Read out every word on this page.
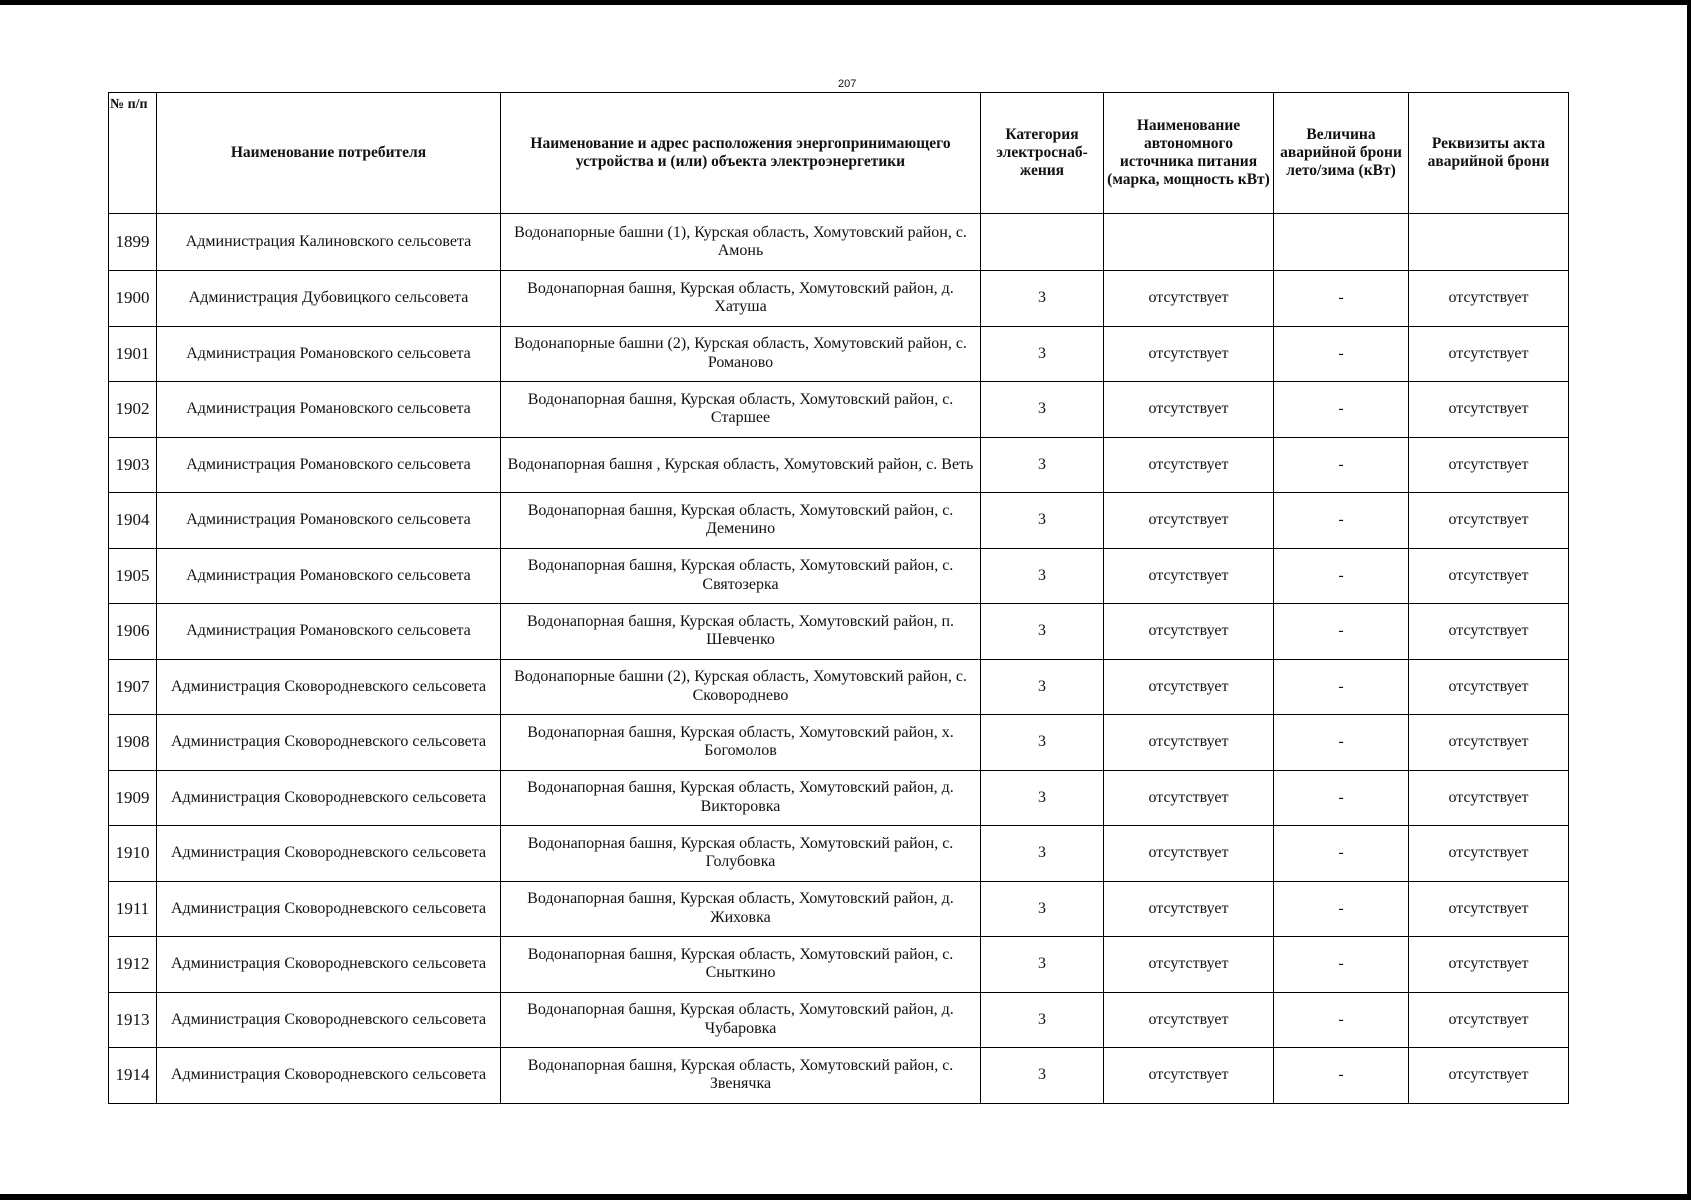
207
№ п/п	Наименование потребителя	Наименование и адрес расположения энергопринимающего устройства и (или) объекта электроэнергетики	Категория электроснаб-жения	Наименование автономного источника питания (марка, мощность кВт)	Величина аварийной брони лето/зима (кВт)	Реквизиты акта аварийной брони
1899	Администрация Калиновского сельсовета	Водонапорные башни (1), Курская область, Хомутовский район, с. Амонь				
1900	Администрация Дубовицкого сельсовета	Водонапорная башня, Курская область, Хомутовский район, д. Хатуша	3	отсутствует	-	отсутствует
1901	Администрация Романовского сельсовета	Водонапорные башни (2), Курская область, Хомутовский район, с. Романово	3	отсутствует	-	отсутствует
1902	Администрация Романовского сельсовета	Водонапорная башня, Курская область, Хомутовский район, с. Старшее	3	отсутствует	-	отсутствует
1903	Администрация Романовского сельсовета	Водонапорная башня , Курская область, Хомутовский район, с. Веть	3	отсутствует	-	отсутствует
1904	Администрация Романовского сельсовета	Водонапорная башня, Курская область, Хомутовский район, с. Деменино	3	отсутствует	-	отсутствует
1905	Администрация Романовского сельсовета	Водонапорная башня, Курская область, Хомутовский район, с. Святозерка	3	отсутствует	-	отсутствует
1906	Администрация Романовского сельсовета	Водонапорная башня, Курская область, Хомутовский район, п. Шевченко	3	отсутствует	-	отсутствует
1907	Администрация Сковородневского сельсовета	Водонапорные башни (2), Курская область, Хомутовский район, с. Сковороднево	3	отсутствует	-	отсутствует
1908	Администрация Сковородневского сельсовета	Водонапорная башня, Курская область, Хомутовский район, х. Богомолов	3	отсутствует	-	отсутствует
1909	Администрация Сковородневского сельсовета	Водонапорная башня, Курская область, Хомутовский район, д. Викторовка	3	отсутствует	-	отсутствует
1910	Администрация Сковородневского сельсовета	Водонапорная башня, Курская область, Хомутовский район, с. Голубовка	3	отсутствует	-	отсутствует
1911	Администрация Сковородневского сельсовета	Водонапорная башня, Курская область, Хомутовский район, д. Жиховка	3	отсутствует	-	отсутствует
1912	Администрация Сковородневского сельсовета	Водонапорная башня, Курская область, Хомутовский район, с. Сныткино	3	отсутствует	-	отсутствует
1913	Администрация Сковородневского сельсовета	Водонапорная башня, Курская область, Хомутовский район, д. Чубаровка	3	отсутствует	-	отсутствует
1914	Администрация Сковородневского сельсовета	Водонапорная башня, Курская область, Хомутовский район, с. Звенячка	3	отсутствует	-	отсутствует
